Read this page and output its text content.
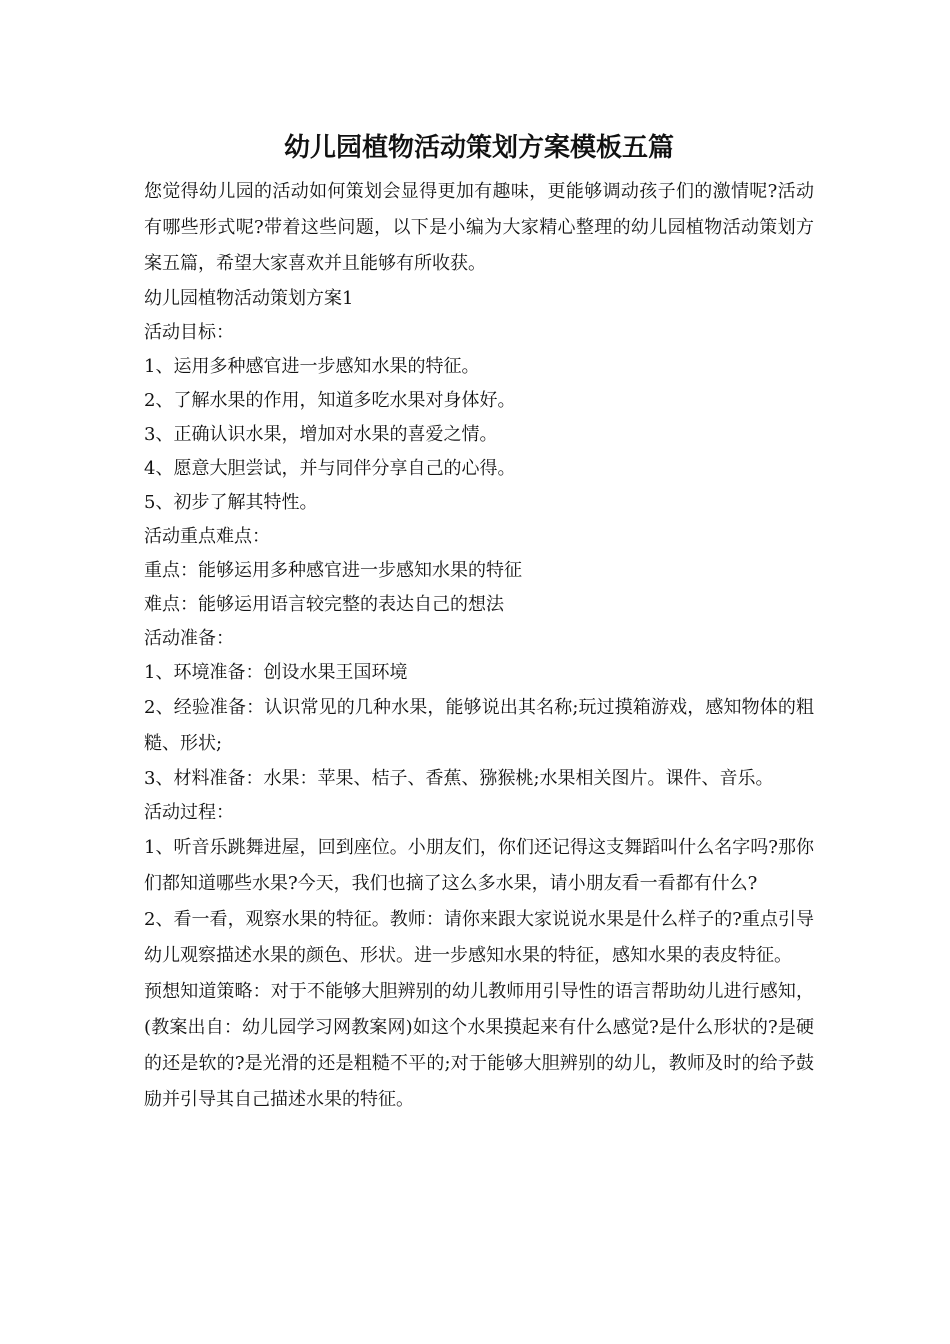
幼儿园植物活动策划方案模板五篇

您觉得幼儿园的活动如何策划会显得更加有趣味，更能够调动孩子们的激情呢?活动有哪些形式呢?带着这些问题，以下是小编为大家精心整理的幼儿园植物活动策划方案五篇，希望大家喜欢并且能够有所收获。

幼儿园植物活动策划方案1

活动目标：

1、运用多种感官进一步感知水果的特征。

2、了解水果的作用，知道多吃水果对身体好。

3、正确认识水果，增加对水果的喜爱之情。

4、愿意大胆尝试，并与同伴分享自己的心得。

5、初步了解其特性。

活动重点难点：

重点：能够运用多种感官进一步感知水果的特征

难点：能够运用语言较完整的表达自己的想法

活动准备：

1、环境准备：创设水果王国环境

2、经验准备：认识常见的几种水果，能够说出其名称;玩过摸箱游戏，感知物体的粗糙、形状;

3、材料准备：水果：苹果、桔子、香蕉、猕猴桃;水果相关图片。课件、音乐。

活动过程：

1、听音乐跳舞进屋，回到座位。小朋友们，你们还记得这支舞蹈叫什么名字吗?那你们都知道哪些水果?今天，我们也摘了这么多水果，请小朋友看一看都有什么?

2、看一看，观察水果的特征。教师：请你来跟大家说说水果是什么样子的?重点引导幼儿观察描述水果的颜色、形状。进一步感知水果的特征，感知水果的表皮特征。

预想知道策略：对于不能够大胆辨别的幼儿教师用引导性的语言帮助幼儿进行感知，(教案出自：幼儿园学习网教案网)如这个水果摸起来有什么感觉?是什么形状的?是硬的还是软的?是光滑的还是粗糙不平的;对于能够大胆辨别的幼儿，教师及时的给予鼓励并引导其自己描述水果的特征。
